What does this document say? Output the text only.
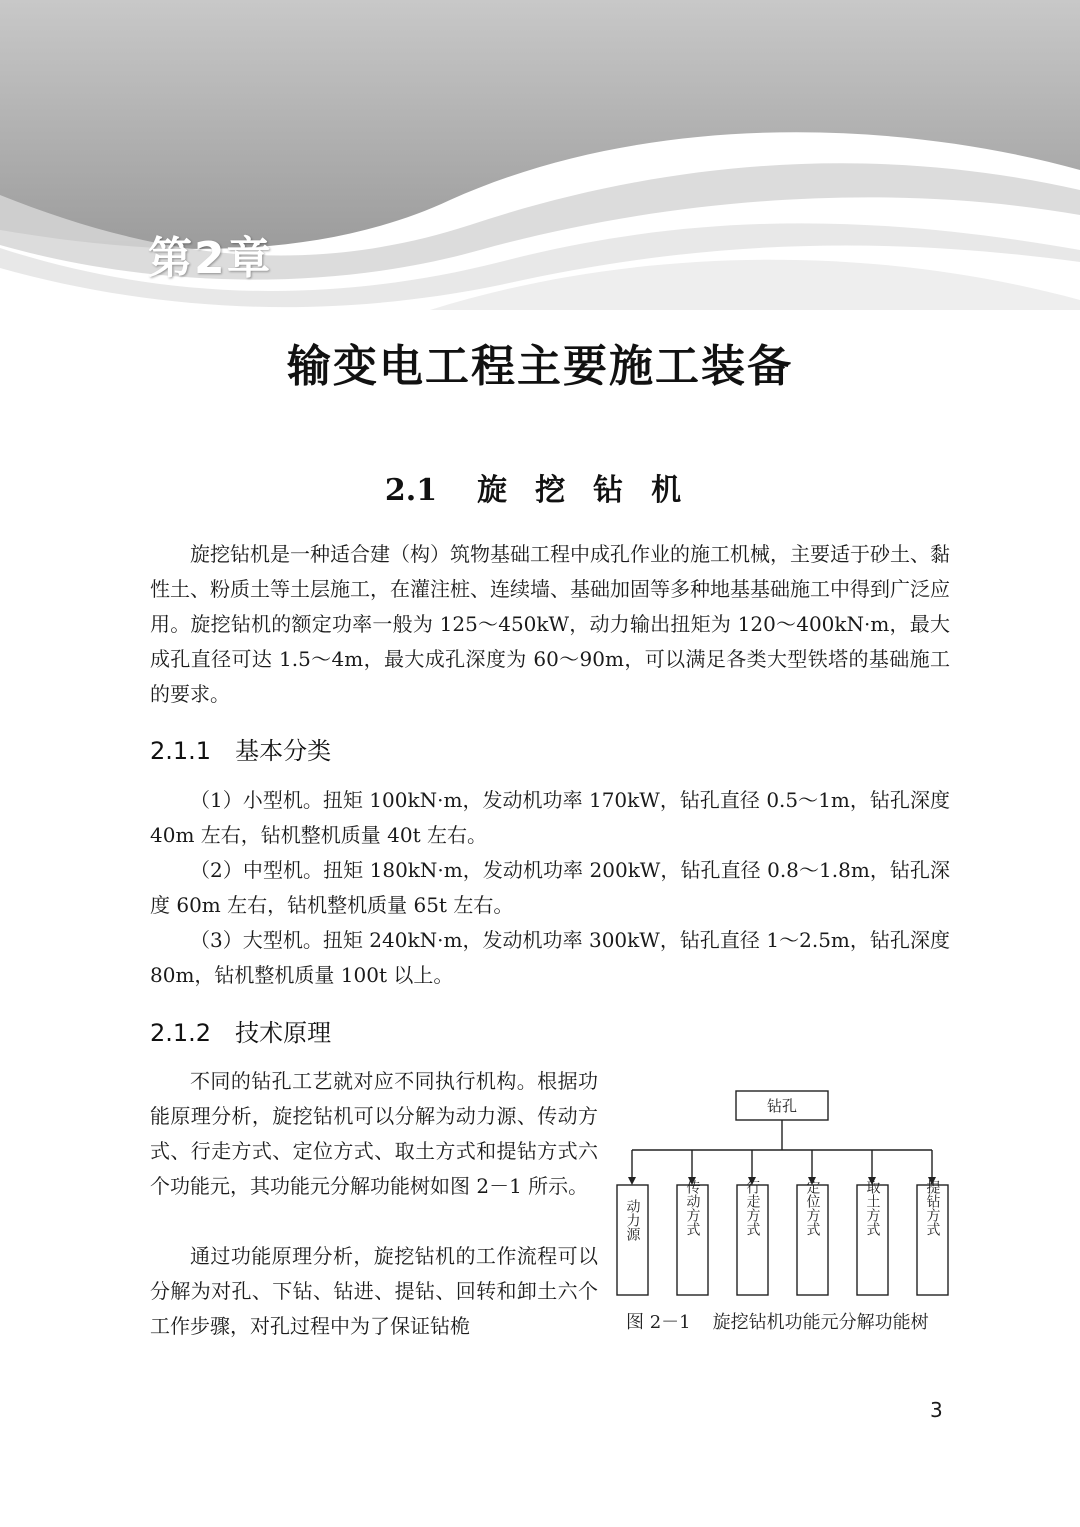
第2章
输变电工程主要施工装备
2.1 旋 挖 钻 机

旋挖钻机是一种适合建（构）筑物基础工程中成孔作业的施工机械，主要适于砂土、黏性土、粉质土等土层施工，在灌注桩、连续墙、基础加固等多种地基基础施工中得到广泛应用。旋挖钻机的额定功率一般为 125～450kW，动力输出扭矩为 120～400kN·m，最大成孔直径可达 1.5～4m，最大成孔深度为 60～90m，可以满足各类大型铁塔的基础施工的要求。

2.1.1 基本分类

（1）小型机。扭矩 100kN·m，发动机功率 170kW，钻孔直径 0.5～1m，钻孔深度 40m 左右，钻机整机质量 40t 左右。

（2）中型机。扭矩 180kN·m，发动机功率 200kW，钻孔直径 0.8～1.8m，钻孔深度 60m 左右，钻机整机质量 65t 左右。

（3）大型机。扭矩 240kN·m，发动机功率 300kW，钻孔直径 1～2.5m，钻孔深度 80m，钻机整机质量 100t 以上。

2.1.2 技术原理

不同的钻孔工艺就对应不同执行机构。根据功能原理分析，旋挖钻机可以分解为动力源、传动方式、行走方式、定位方式、取土方式和提钻方式六个功能元，其功能元分解功能树如图 2－1 所示。

通过功能原理分析，旋挖钻机的工作流程可以分解为对孔、下钻、钻进、提钻、回转和卸土六个工作步骤，对孔过程中为了保证钻桅

钻孔
动力源	传动方式	行走方式	定位方式	取土方式	提钻方式
图 2－1 旋挖钻机功能元分解功能树
3
